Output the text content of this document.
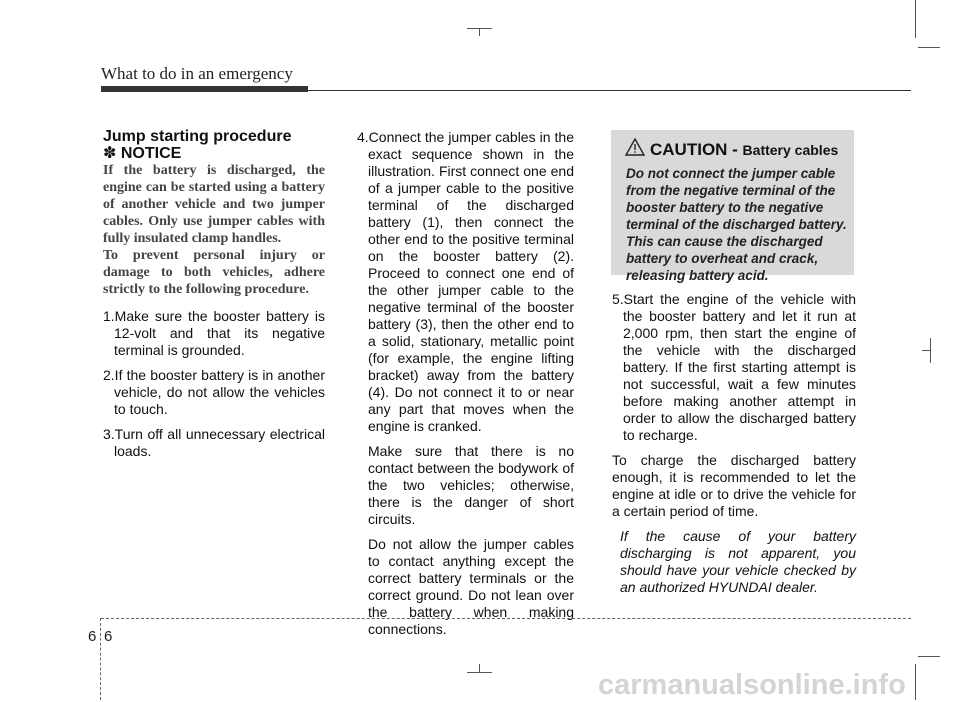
What to do in an emergency

Jump starting procedure

✽ NOTICE

If the battery is discharged, the engine can be started using a battery of another vehicle and two jumper cables. Only use jumper cables with fully insulated clamp handles.

To prevent personal injury or damage to both vehicles, adhere strictly to the following procedure.

1.Make sure the booster battery is 12-volt and that its negative terminal is grounded.

2.If the booster battery is in another vehicle, do not allow the vehicles to touch.

3.Turn off all unnecessary electrical loads.

4.Connect the jumper cables in the exact sequence shown in the illustration. First connect one end of a jumper cable to the positive terminal of the discharged battery (1), then connect the other end to the positive terminal on the booster battery (2). Proceed to connect one end of the other jumper cable to the negative terminal of the booster battery (3), then the other end to a solid, stationary, metallic point (for example, the engine lifting bracket) away from the battery (4). Do not connect it to or near any part that moves when the engine is cranked.

Make sure that there is no contact between the bodywork of the two vehicles; otherwise, there is the danger of short circuits.

Do not allow the jumper cables to contact anything except the correct battery terminals or the correct ground. Do not lean over the battery when making connections.

CAUTION - Battery cables
Do not connect the jumper cable from the negative terminal of the booster battery to the negative terminal of the discharged battery. This can cause the discharged battery to overheat and crack, releasing battery acid.

5.Start the engine of the vehicle with the booster battery and let it run at 2,000 rpm, then start the engine of the vehicle with the discharged battery. If the first starting attempt is not successful, wait a few minutes before making another attempt in order to allow the discharged battery to recharge.

To charge the discharged battery enough, it is recommended to let the engine at idle or to drive the vehicle for a certain period of time.

If the cause of your battery discharging is not apparent, you should have your vehicle checked by an authorized HYUNDAI dealer.

6 6
carmanualsonline.info
